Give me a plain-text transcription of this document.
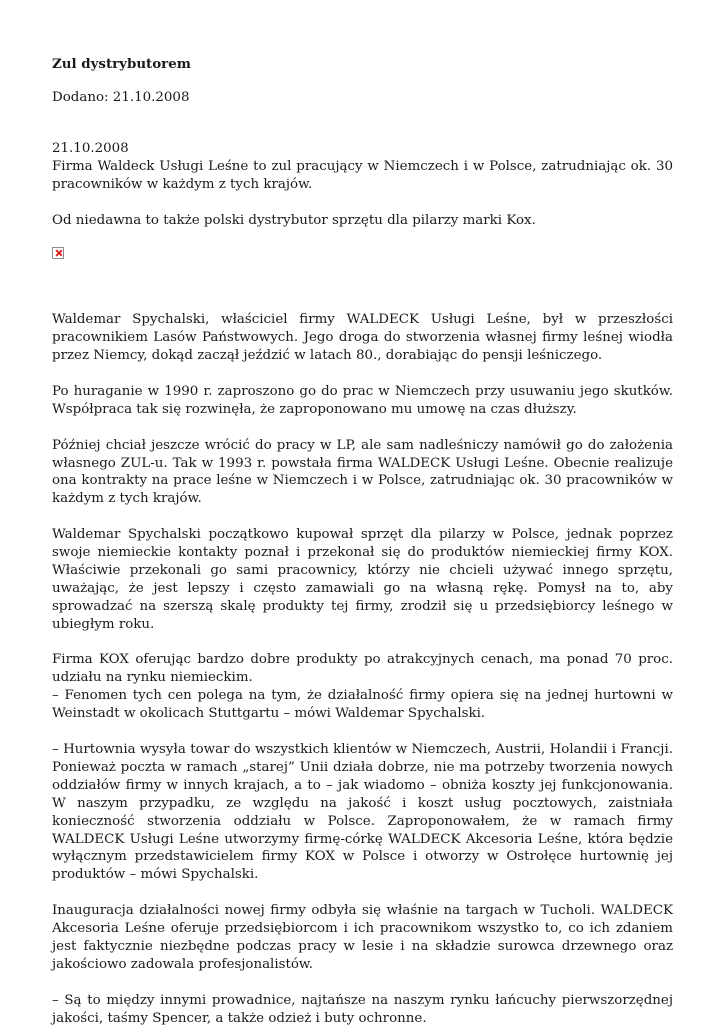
Zul dystrybutorem

Dodano: 21.10.2008

21.10.2008

Firma Waldeck Usługi Leśne to zul pracujący w Niemczech i w Polsce, zatrudniając ok. 30 pracowników w każdym z tych krajów.

Od niedawna to także polski dystrybutor sprzętu dla pilarzy marki Kox.

Waldemar Spychalski, właściciel firmy WALDECK Usługi Leśne, był w przeszłości pracownikiem Lasów Państwowych. Jego droga do stworzenia własnej firmy leśnej wiodła przez Niemcy, dokąd zaczął jeździć w latach 80., dorabiając do pensji leśniczego.

Po huraganie w 1990 r. zaproszono go do prac w Niemczech przy usuwaniu jego skutków. Współpraca tak się rozwinęła, że zaproponowano mu umowę na czas dłuższy.

Później chciał jeszcze wrócić do pracy w LP, ale sam nadleśniczy namówił go do założenia własnego ZUL-u. Tak w 1993 r. powstała firma WALDECK Usługi Leśne. Obecnie realizuje ona kontrakty na prace leśne w Niemczech i w Polsce, zatrudniając ok. 30 pracowników w każdym z tych krajów.

Waldemar Spychalski początkowo kupował sprzęt dla pilarzy w Polsce, jednak poprzez swoje niemieckie kontakty poznał i przekonał się do produktów niemieckiej firmy KOX. Właściwie przekonali go sami pracownicy, którzy nie chcieli używać innego sprzętu, uważając, że jest lepszy i często zamawiali go na własną rękę. Pomysł na to, aby sprowadzać na szerszą skalę produkty tej firmy, zrodził się u przedsiębiorcy leśnego w ubiegłym roku.

Firma KOX oferując bardzo dobre produkty po atrakcyjnych cenach, ma ponad 70 proc. udziału na rynku niemieckim.

– Fenomen tych cen polega na tym, że działalność firmy opiera się na jednej hurtowni w Weinstadt w okolicach Stuttgartu – mówi Waldemar Spychalski.

– Hurtownia wysyła towar do wszystkich klientów w Niemczech, Austrii, Holandii i Francji. Ponieważ poczta w ramach „starej” Unii działa dobrze, nie ma potrzeby tworzenia nowych oddziałów firmy w innych krajach, a to – jak wiadomo – obniża koszty jej funkcjonowania. W naszym przypadku, ze względu na jakość i koszt usług pocztowych, zaistniała konieczność stworzenia oddziału w Polsce. Zaproponowałem, że w ramach firmy WALDECK Usługi Leśne utworzymy firmę-córkę WALDECK Akcesoria Leśne, która będzie wyłącznym przedstawicielem firmy KOX w Polsce i otworzy w Ostrołęce hurtownię jej produktów – mówi Spychalski.

Inauguracja działalności nowej firmy odbyła się właśnie na targach w Tucholi. WALDECK Akcesoria Leśne oferuje przedsiębiorcom i ich pracownikom wszystko to, co ich zdaniem jest faktycznie niezbędne podczas pracy w lesie i na składzie surowca drzewnego oraz jakościowo zadowala profesjonalistów.

– Są to między innymi prowadnice, najtańsze na naszym rynku łańcuchy pierwszorzędnej jakości, taśmy Spencer, a także odzież i buty ochronne.
